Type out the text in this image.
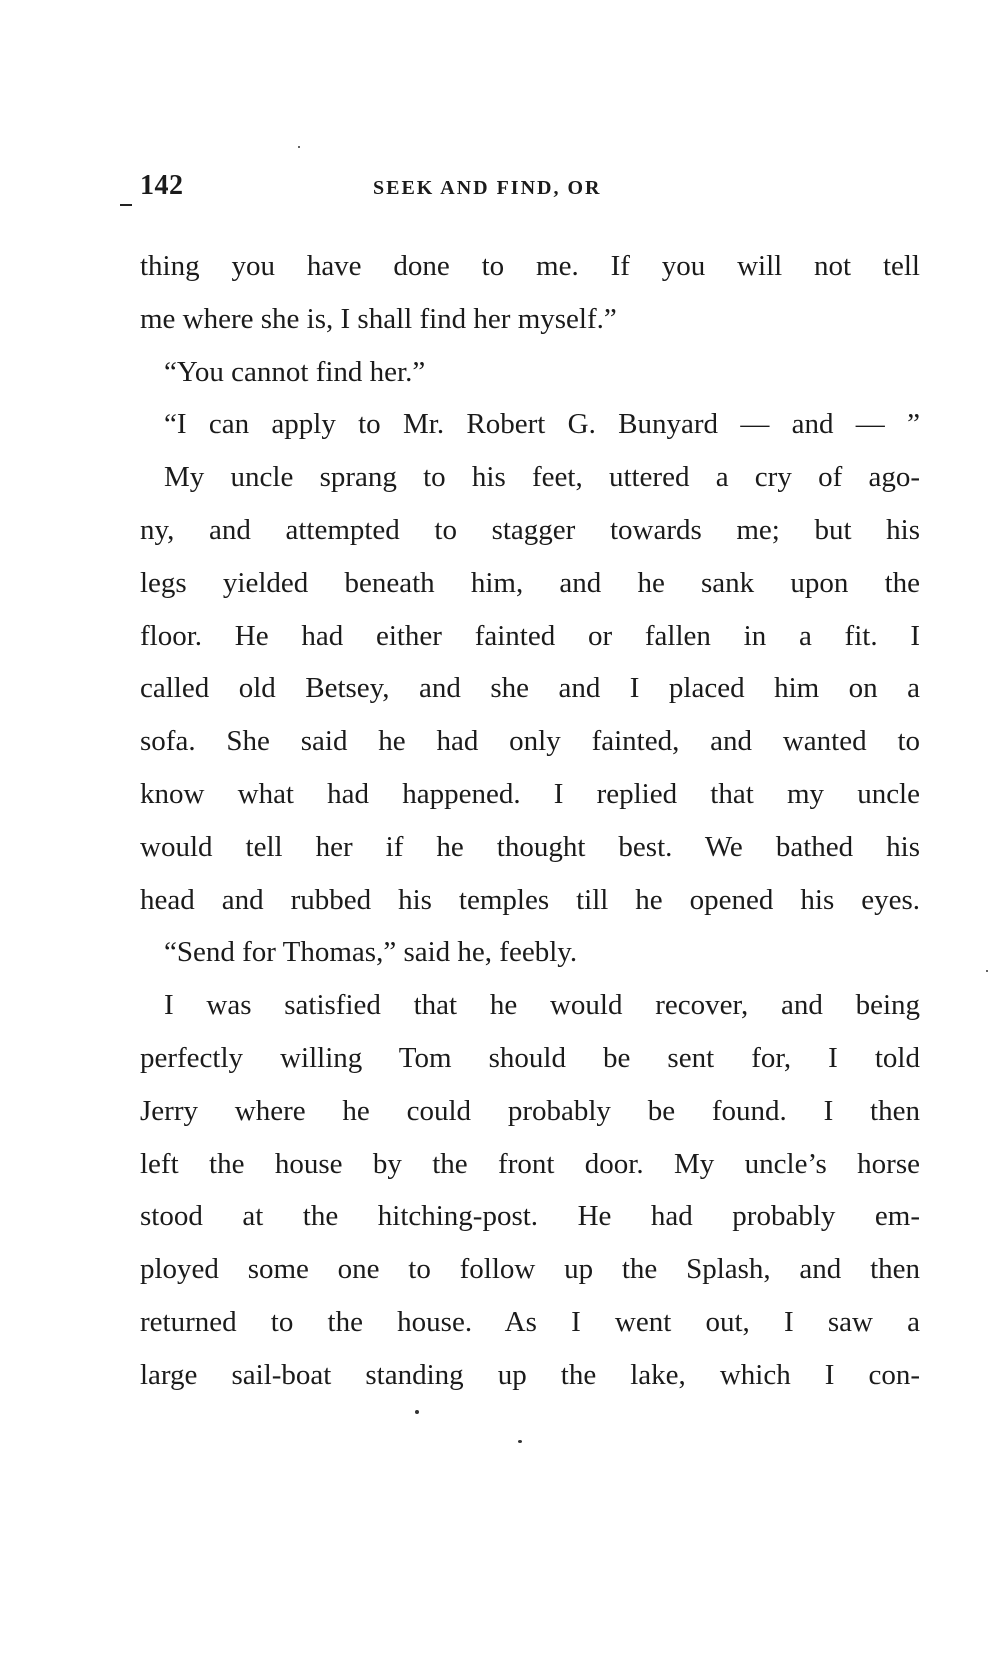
142	SEEK AND FIND, OR
thing you have done to me. If you will not tell
me where she is, I shall find her myself.”
“You cannot find her.”
“I can apply to Mr. Robert G. Bunyard — and — ”
My uncle sprang to his feet, uttered a cry of ago-
ny, and attempted to stagger towards me; but his
legs yielded beneath him, and he sank upon the
floor. He had either fainted or fallen in a fit. I
called old Betsey, and she and I placed him on a
sofa. She said he had only fainted, and wanted to
know what had happened. I replied that my uncle
would tell her if he thought best. We bathed his
head and rubbed his temples till he opened his eyes.
“Send for Thomas,” said he, feebly.
I was satisfied that he would recover, and being
perfectly willing Tom should be sent for, I told
Jerry where he could probably be found. I then
left the house by the front door. My uncle’s horse
stood at the hitching-post. He had probably em-
ployed some one to follow up the Splash, and then
returned to the house. As I went out, I saw a
large sail-boat standing up the lake, which I con-
